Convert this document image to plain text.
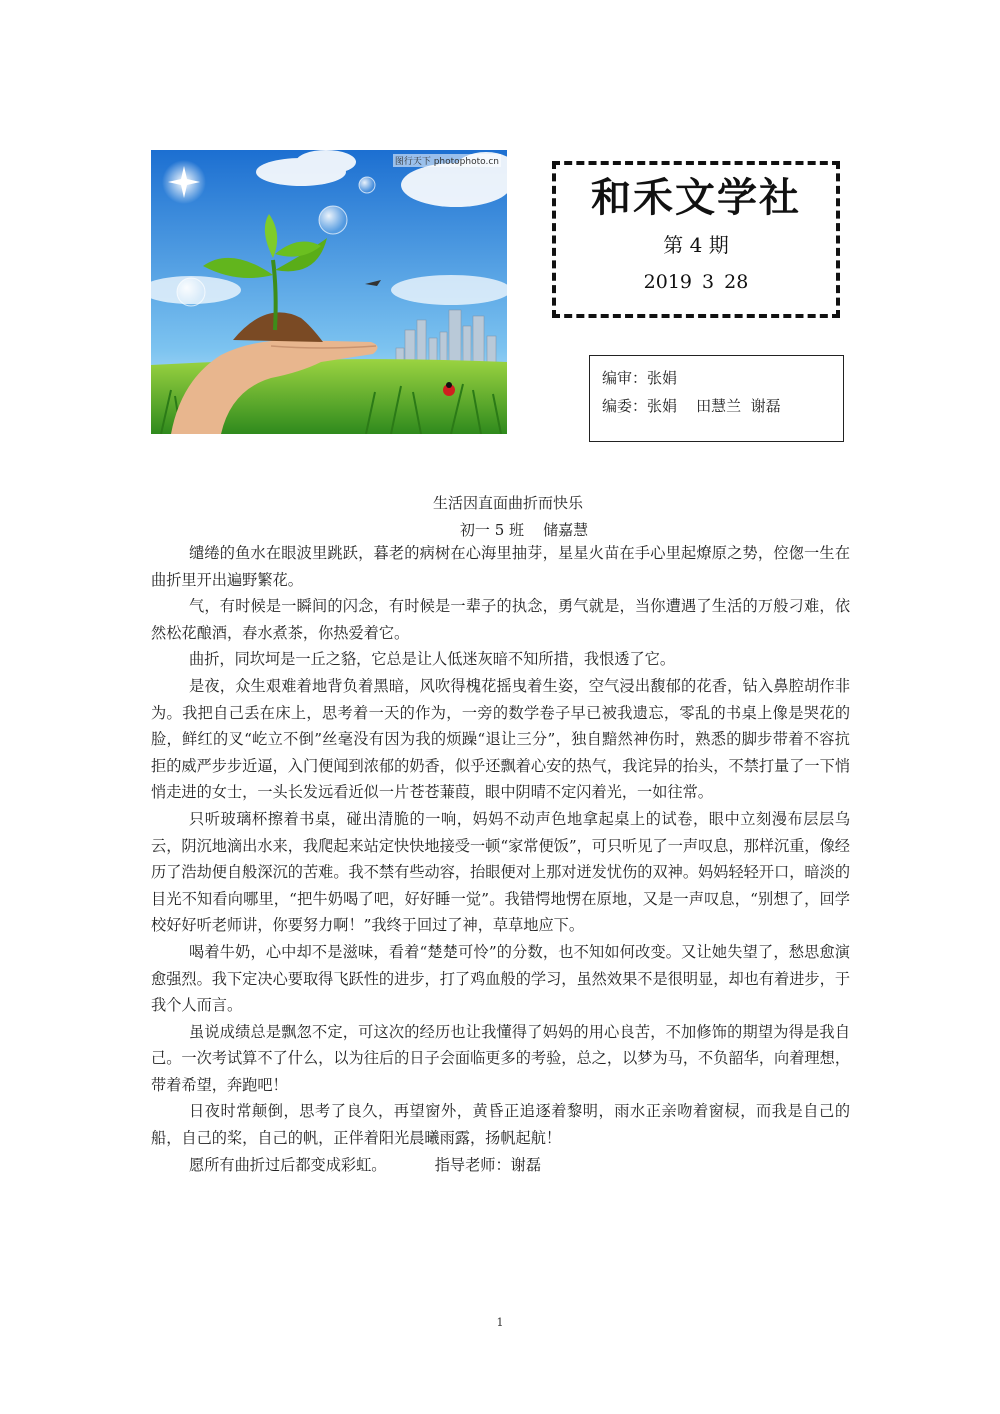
图行天下 photophoto.cn
和禾文学社
第 4 期
2019 3 28
编审：张娟
编委：张娟    田慧兰  谢磊
生活因直面曲折而快乐
初一 5 班    储嘉慧

缱绻的鱼水在眼波里跳跃，暮老的病树在心海里抽芽，星星火苗在手心里起燎原之势，倥偬一生在曲折里开出遍野繁花。

气，有时候是一瞬间的闪念，有时候是一辈子的执念，勇气就是，当你遭遇了生活的万般刁难，依然松花酿酒，春水煮茶，你热爱着它。

曲折，同坎坷是一丘之貉，它总是让人低迷灰暗不知所措，我恨透了它。

是夜，众生艰难着地背负着黑暗，风吹得槐花摇曳着生姿，空气浸出馥郁的花香，钻入鼻腔胡作非为。我把自己丢在床上，思考着一天的作为，一旁的数学卷子早已被我遗忘，零乱的书桌上像是哭花的脸，鲜红的叉“屹立不倒”丝毫没有因为我的烦躁“退让三分”，独自黯然神伤时，熟悉的脚步带着不容抗拒的威严步步近逼，入门便闻到浓郁的奶香，似乎还飘着心安的热气，我诧异的抬头，不禁打量了一下悄悄走进的女士，一头长发远看近似一片苍苍蒹葭，眼中阴晴不定闪着光，一如往常。

只听玻璃杯擦着书桌，碰出清脆的一响，妈妈不动声色地拿起桌上的试卷，眼中立刻漫布层层乌云，阴沉地滴出水来，我爬起来站定快快地接受一顿“家常便饭”，可只听见了一声叹息，那样沉重，像经历了浩劫便自般深沉的苦难。我不禁有些动容，抬眼便对上那对迸发忧伤的双神。妈妈轻轻开口，暗淡的目光不知看向哪里，“把牛奶喝了吧，好好睡一觉”。我错愕地愣在原地，又是一声叹息，“别想了，回学校好好听老师讲，你要努力啊！”我终于回过了神，草草地应下。

喝着牛奶，心中却不是滋味，看着“楚楚可怜”的分数，也不知如何改变。又让她失望了，愁思愈演愈强烈。我下定决心要取得飞跃性的进步，打了鸡血般的学习，虽然效果不是很明显，却也有着进步，于我个人而言。

虽说成绩总是飘忽不定，可这次的经历也让我懂得了妈妈的用心良苦，不加修饰的期望为得是我自己。一次考试算不了什么，以为往后的日子会面临更多的考验，总之，以梦为马，不负韶华，向着理想，带着希望，奔跑吧！

日夜时常颠倒，思考了良久，再望窗外，黄昏正追逐着黎明，雨水正亲吻着窗棂，而我是自己的船，自己的桨，自己的帆，正伴着阳光晨曦雨露，扬帆起航！

愿所有曲折过后都变成彩虹。	指导老师：谢磊

1
